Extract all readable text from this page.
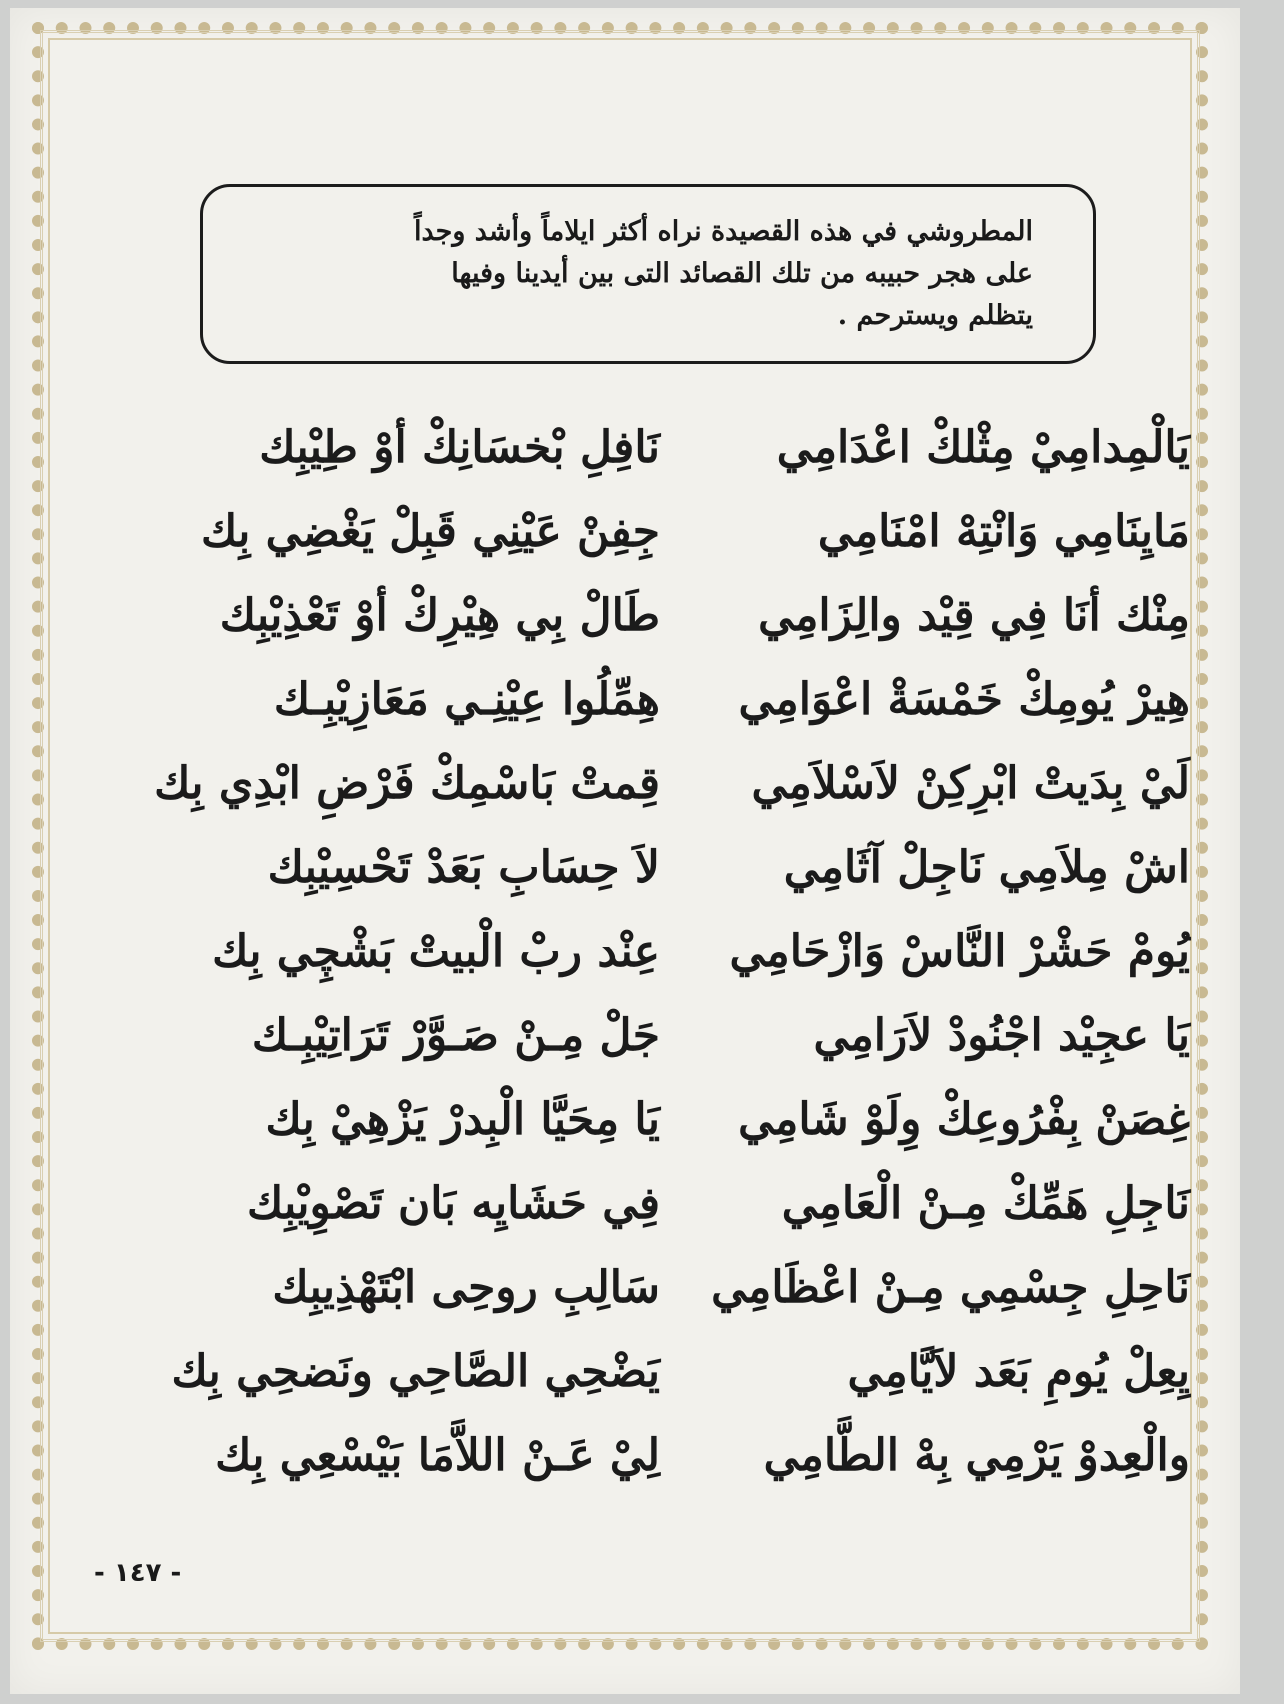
المطروشي في هذه القصيدة نراه أكثر ايلاماً وأشد وجداً
على هجر حبيبه من تلك القصائد التى بين أيدينا وفيها
يتظلم ويسترحم .
يَالْمِدامِيْ مِثْلكْ اعْدَامِي
نَافِلِ بْخسَانِكْ أوْ طِيْبِك
مَايِنَامِي وَانْتِهْ امْنَامِي
جِفِنْ عَيْنِي قَبِلْ يَغْضِي بِك
مِنْك أنَا فِي قِيْد والِزَامِي
طَالْ بِي هِيْرِكْ أوْ تَعْذِيْبِك
هِيرْ يُومِكْ خَمْسَةْ اعْوَامِي
هِمِّلُوا عِيْنِـي مَعَازِيْبِـك
لَيْ بِدَيتْ ابْرِكِنْ لاَسْلاَمِي
قِمتْ بَاسْمِكْ فَرْضِ ابْدِي بِك
اشْ مِلاَمِي نَاجِلْ آثَامِي
لاَ حِسَابِ بَعَدْ تَحْسِيْبِك
يُومْ حَشْرْ النَّاسْ وَازْحَامِي
عِنْد ربْ الْبيتْ بَشْچِي بِك
يَا عجِيْد اجْنُودْ لاَرَامِي
جَلْ مِـنْ صَـوَّرْ تَرَاتِيْبِـك
غِصَنْ بِفْرُوعِكْ وِلَوْ شَامِي
يَا مِحَيَّا الْبِدرْ يَزْهِيْ بِك
نَاجِلِ هَمِّكْ مِـنْ الْعَامِي
فِي حَشَايِه بَان تَصْوِيْبِك
نَاحِلِ جِسْمِي مِـنْ اعْظَامِي
سَالِبِ روحِى ابْتَهْذِيبِك
يِعِلْ يُومِ بَعَد لاَيَّامِي
يَضْحِي الصَّاحِي ونَضحِي بِك
والْعِدوْ يَرْمِي بِهْ الطَّامِي
لِيْ عَـنْ اللاَّمَا بَيْسْعِي بِك
- ١٤٧ -
